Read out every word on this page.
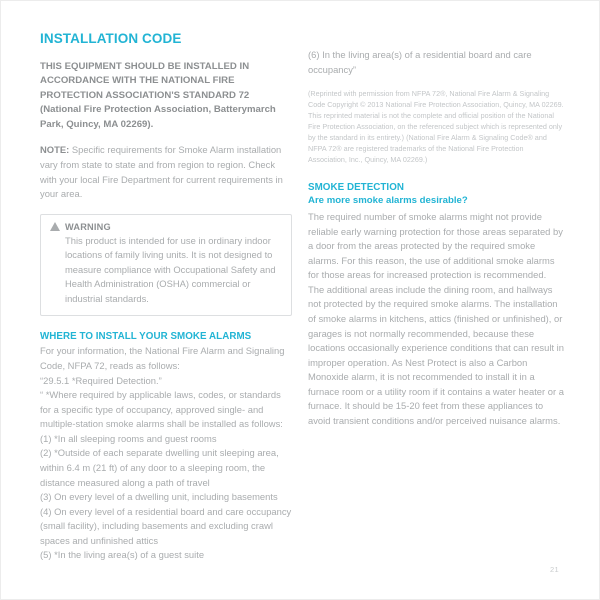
INSTALLATION CODE

THIS EQUIPMENT SHOULD BE INSTALLED IN ACCORDANCE WITH THE NATIONAL FIRE PROTECTION ASSOCIATION'S STANDARD 72 (National Fire Protection Association, Batterymarch Park, Quincy, MA 02269).

NOTE: Specific requirements for Smoke Alarm installation vary from state to state and from region to region. Check with your local Fire Department for current requirements in your area.

WARNING

This product is intended for use in ordinary indoor locations of family living units. It is not designed to measure compliance with Occupational Safety and Health Administration (OSHA) commercial or industrial standards.

WHERE TO INSTALL YOUR SMOKE ALARMS

For your information, the National Fire Alarm and Signaling Code, NFPA 72, reads as follows:

“29.5.1 *Required Detection.”

“ *Where required by applicable laws, codes, or standards for a specific type of occupancy, approved single- and multiple-station smoke alarms shall be installed as follows:

(1) *In all sleeping rooms and guest rooms

(2) *Outside of each separate dwelling unit sleeping area, within 6.4 m (21 ft) of any door to a sleeping room, the distance measured along a path of travel

(3) On every level of a dwelling unit, including basements

(4) On every level of a residential board and care occupancy (small facility), including basements and excluding crawl spaces and unfinished attics

(5) *In the living area(s) of a guest suite

(6) In the living area(s) of a residential board and care occupancy”

(Reprinted with permission from NFPA 72®, National Fire Alarm & Signaling Code Copyright © 2013 National Fire Protection Association, Quincy, MA 02269. This reprinted material is not the complete and official position of the National Fire Protection Association, on the referenced subject which is represented only by the standard in its entirety.) (National Fire Alarm & Signaling Code® and NFPA 72® are registered trademarks of the National Fire Protection Association, Inc., Quincy, MA 02269.)

SMOKE DETECTION
Are more smoke alarms desirable?

The required number of smoke alarms might not provide reliable early warning protection for those areas separated by a door from the areas protected by the required smoke alarms. For this reason, the use of additional smoke alarms for those areas for increased protection is recommended. The additional areas include the dining room, and hallways not protected by the required smoke alarms. The installation of smoke alarms in kitchens, attics (finished or unfinished), or garages is not normally recommended, because these locations occasionally experience conditions that can result in improper operation. As Nest Protect is also a Carbon Monoxide alarm, it is not recommended to install it in a furnace room or a utility room if it contains a water heater or a furnace. It should be 15-20 feet from these appliances to avoid transient conditions and/or perceived nuisance alarms.

21
